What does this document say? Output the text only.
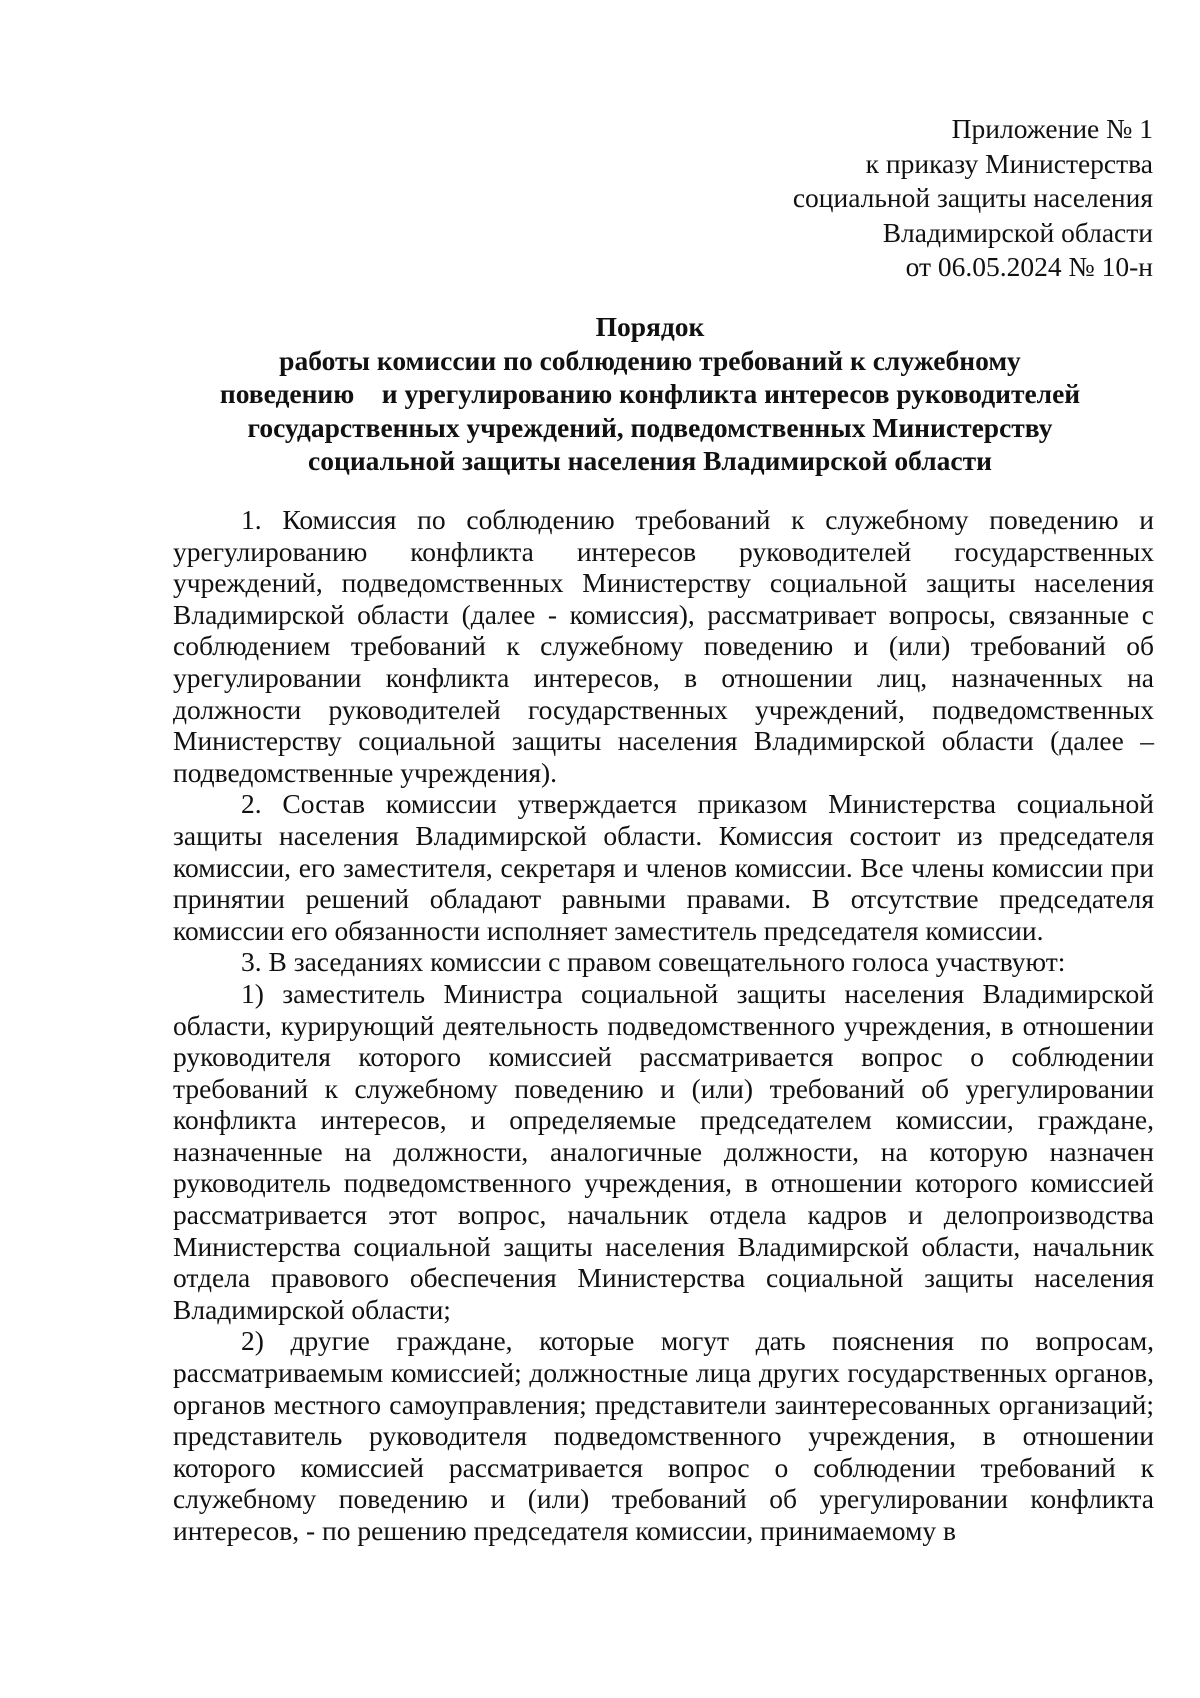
Приложение № 1
к приказу Министерства
социальной защиты населения
Владимирской области
от 06.05.2024 № 10-н
Порядок
работы комиссии по соблюдению требований к служебному
поведению    и урегулированию конфликта интересов руководителей
государственных учреждений, подведомственных Министерству
социальной защиты населения Владимирской области

1. Комиссия по соблюдению требований к служебному поведению и урегулированию конфликта интересов руководителей государственных учреждений, подведомственных Министерству социальной защиты населения Владимирской области (далее - комиссия), рассматривает вопросы, связанные с соблюдением требований к служебному поведению и (или) требований об урегулировании конфликта интересов, в отношении лиц, назначенных на должности руководителей государственных учреждений, подведомственных Министерству социальной защиты населения Владимирской области (далее – подведомственные учреждения).

2. Состав комиссии утверждается приказом Министерства социальной защиты населения Владимирской области. Комиссия состоит из председателя комиссии, его заместителя, секретаря и членов комиссии. Все члены комиссии при принятии решений обладают равными правами. В отсутствие председателя комиссии его обязанности исполняет заместитель председателя комиссии.

3. В заседаниях комиссии с правом совещательного голоса участвуют:

1) заместитель Министра социальной защиты населения Владимирской области, курирующий деятельность подведомственного учреждения, в отношении руководителя которого комиссией рассматривается вопрос о соблюдении требований к служебному поведению и (или) требований об урегулировании конфликта интересов, и определяемые председателем комиссии, граждане, назначенные на должности, аналогичные должности, на которую назначен руководитель подведомственного учреждения, в отношении которого комиссией рассматривается этот вопрос, начальник отдела кадров и делопроизводства Министерства социальной защиты населения Владимирской области, начальник отдела правового обеспечения Министерства социальной защиты населения Владимирской области;

2) другие граждане, которые могут дать пояснения по вопросам, рассматриваемым комиссией; должностные лица других государственных органов, органов местного самоуправления; представители заинтересованных организаций; представитель руководителя подведомственного учреждения, в отношении которого комиссией рассматривается вопрос о соблюдении требований к служебному поведению и (или) требований об урегулировании конфликта интересов, - по решению председателя комиссии, принимаемому в
